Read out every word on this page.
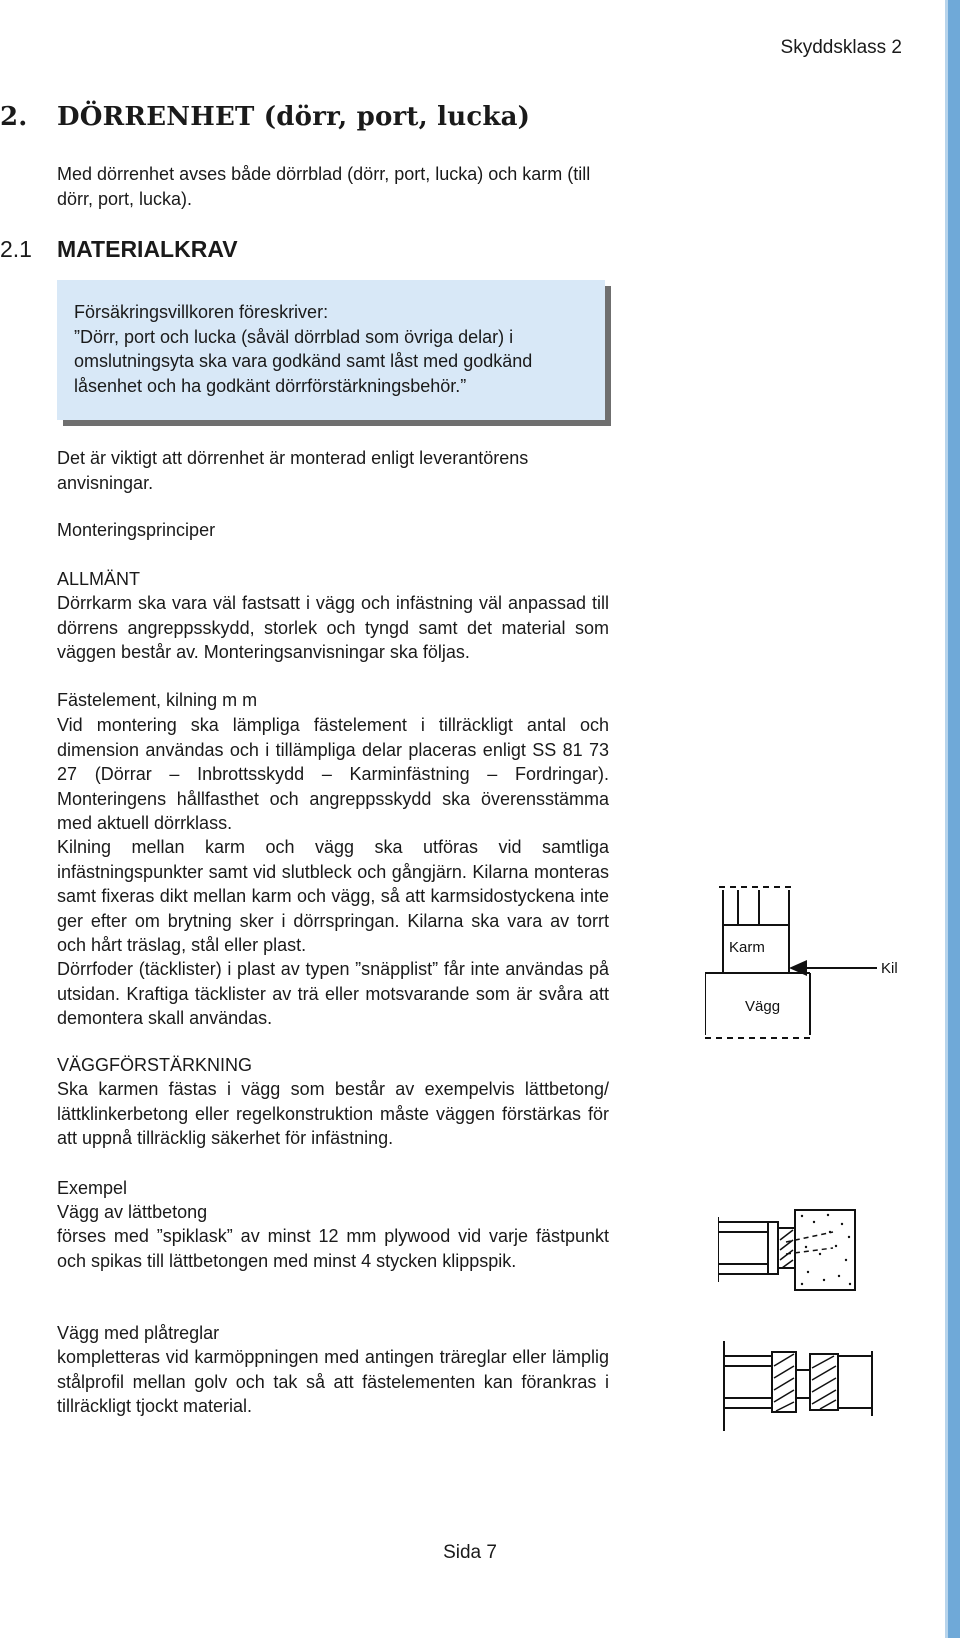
Skyddsklass 2
2. DÖRRENHET (dörr, port, lucka)
Med dörrenhet avses både dörrblad (dörr, port, lucka) och karm (till dörr, port, lucka).
2.1 MATERIALKRAV
Försäkringsvillkoren föreskriver:
”Dörr, port och lucka (såväl dörrblad som övriga delar) i omslutningsyta ska vara godkänd samt låst med godkänd låsenhet och ha godkänt dörrförstärkningsbehör.”
Det är viktigt att dörrenhet är monterad enligt leverantörens anvisningar.
Monteringsprinciper
ALLMÄNT
Dörrkarm ska vara väl fastsatt i vägg och infästning väl anpassad till dörrens angreppsskydd, storlek och tyngd samt det material som väggen består av. Monteringsanvisningar ska följas.
Fästelement, kilning m m
Vid montering ska lämpliga fästelement i tillräckligt antal och dimension användas och i tillämpliga delar placeras enligt SS 81 73 27 (Dörrar – Inbrottsskydd – Karminfästning – Fordringar). Monteringens hållfasthet och angreppsskydd ska överensstämma med aktuell dörrklass.
Kilning mellan karm och vägg ska utföras vid samtliga infästningspunkter samt vid slutbleck och gångjärn. Kilarna monteras samt fixeras dikt mellan karm och vägg, så att karmsidostyckena inte ger efter om brytning sker i dörrspringan. Kilarna ska vara av torrt och hårt träslag, stål eller plast.
Dörrfoder (täcklister) i plast av typen ”snäpplist” får inte användas på utsidan. Kraftiga täcklister av trä eller motsvarande som är svåra att demontera skall användas.
VÄGGFÖRSTÄRKNING
Ska karmen fästas i vägg som består av exempelvis lättbetong/ lättklinkerbetong eller regelkonstruktion måste väggen förstärkas för att uppnå tillräcklig säkerhet för infästning.
Exempel
Vägg av lättbetong
förses med ”spiklask” av minst 12 mm plywood vid varje fästpunkt och spikas till lättbetongen med minst 4 stycken klippspik.
Vägg med plåtreglar
kompletteras vid karmöppningen med antingen träreglar eller lämplig stålprofil mellan golv och tak så att fästelementen kan förankras i tillräckligt tjockt material.
Karm
Vägg
Kil
Sida 7
